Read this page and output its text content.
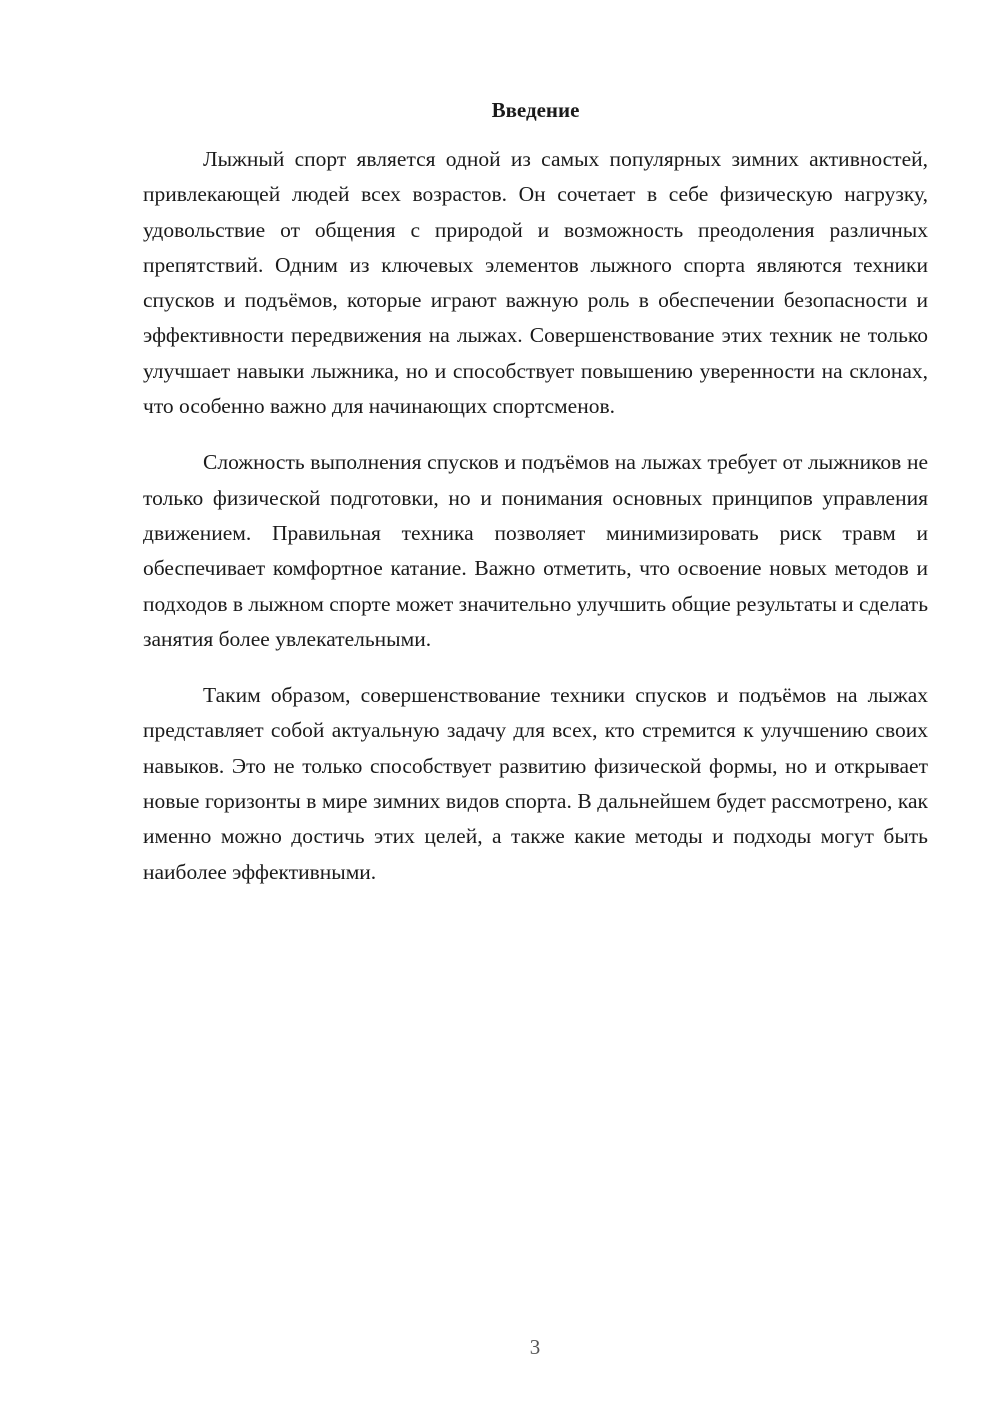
Введение

Лыжный спорт является одной из самых популярных зимних активностей, привлекающей людей всех возрастов. Он сочетает в себе физическую нагрузку, удовольствие от общения с природой и возможность преодоления различных препятствий. Одним из ключевых элементов лыжного спорта являются техники спусков и подъёмов, которые играют важную роль в обеспечении безопасности и эффективности передвижения на лыжах. Совершенствование этих техник не только улучшает навыки лыжника, но и способствует повышению уверенности на склонах, что особенно важно для начинающих спортсменов.

Сложность выполнения спусков и подъёмов на лыжах требует от лыжников не только физической подготовки, но и понимания основных принципов управления движением. Правильная техника позволяет минимизировать риск травм и обеспечивает комфортное катание. Важно отметить, что освоение новых методов и подходов в лыжном спорте может значительно улучшить общие результаты и сделать занятия более увлекательными.

Таким образом, совершенствование техники спусков и подъёмов на лыжах представляет собой актуальную задачу для всех, кто стремится к улучшению своих навыков. Это не только способствует развитию физической формы, но и открывает новые горизонты в мире зимних видов спорта. В дальнейшем будет рассмотрено, как именно можно достичь этих целей, а также какие методы и подходы могут быть наиболее эффективными.

3
